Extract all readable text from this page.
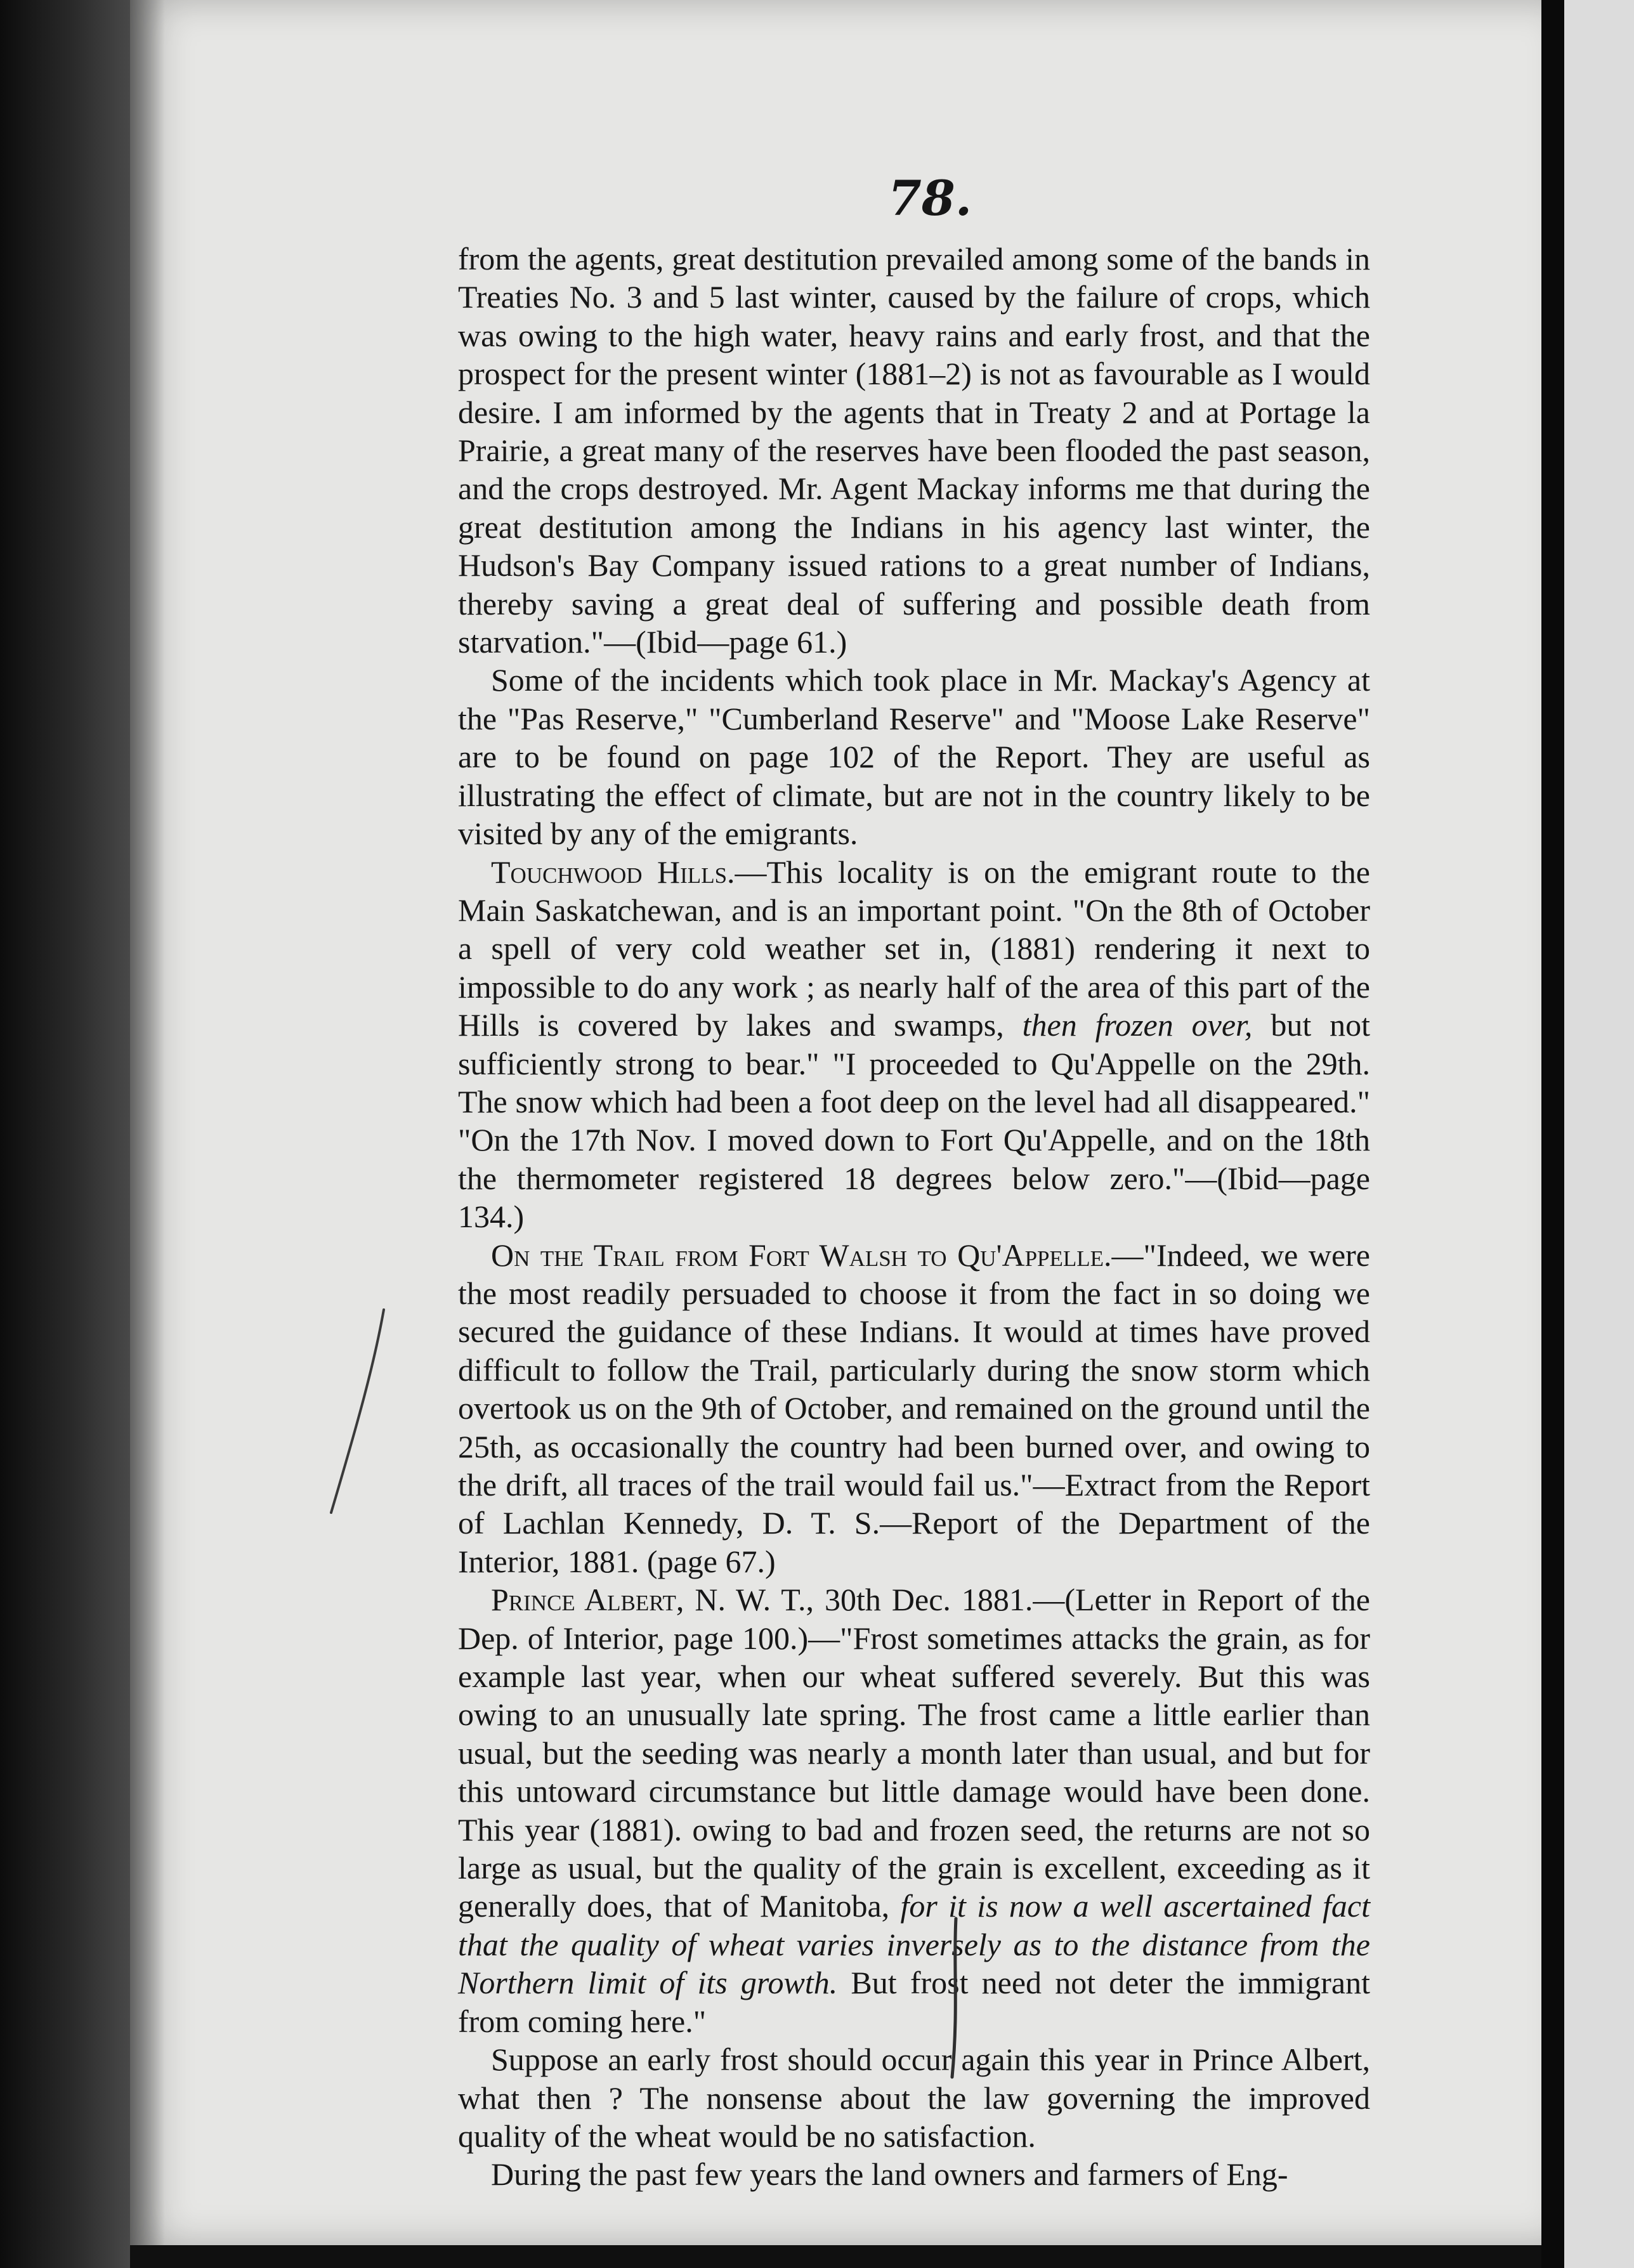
78.

from the agents, great destitution prevailed among some of the bands in Treaties No. 3 and 5 last winter, caused by the failure of crops, which was owing to the high water, heavy rains and early frost, and that the prospect for the present winter (1881–2) is not as favourable as I would desire. I am informed by the agents that in Treaty 2 and at Portage la Prairie, a great many of the reserves have been flooded the past season, and the crops destroyed. Mr. Agent Mackay informs me that during the great destitution among the Indians in his agency last winter, the Hudson's Bay Company issued rations to a great number of Indians, thereby saving a great deal of suffering and possible death from starvation."—(Ibid—page 61.)

Some of the incidents which took place in Mr. Mackay's Agency at the "Pas Reserve," "Cumberland Reserve" and "Moose Lake Reserve" are to be found on page 102 of the Report. They are useful as illustrating the effect of climate, but are not in the country likely to be visited by any of the emigrants.

Touchwood Hills.—This locality is on the emigrant route to the Main Saskatchewan, and is an important point. "On the 8th of October a spell of very cold weather set in, (1881) rendering it next to impossible to do any work ; as nearly half of the area of this part of the Hills is covered by lakes and swamps, then frozen over, but not sufficiently strong to bear." "I proceeded to Qu'Appelle on the 29th. The snow which had been a foot deep on the level had all disappeared." "On the 17th Nov. I moved down to Fort Qu'Appelle, and on the 18th the thermometer registered 18 degrees below zero."—(Ibid—page 134.)

On the Trail from Fort Walsh to Qu'Appelle.—"Indeed, we were the most readily persuaded to choose it from the fact in so doing we secured the guidance of these Indians. It would at times have proved difficult to follow the Trail, particularly during the snow storm which overtook us on the 9th of October, and remained on the ground until the 25th, as occasionally the country had been burned over, and owing to the drift, all traces of the trail would fail us."—Extract from the Report of Lachlan Kennedy, D. T. S.—Report of the Department of the Interior, 1881. (page 67.)

Prince Albert, N. W. T., 30th Dec. 1881.—(Letter in Report of the Dep. of Interior, page 100.)—"Frost sometimes attacks the grain, as for example last year, when our wheat suffered severely. But this was owing to an unusually late spring. The frost came a little earlier than usual, but the seeding was nearly a month later than usual, and but for this untoward circumstance but little damage would have been done. This year (1881). owing to bad and frozen seed, the returns are not so large as usual, but the quality of the grain is excellent, exceeding as it generally does, that of Manitoba, for it is now a well ascertained fact that the quality of wheat varies inversely as to the distance from the Northern limit of its growth. But frost need not deter the immigrant from coming here."

Suppose an early frost should occur again this year in Prince Albert, what then ? The nonsense about the law governing the improved quality of the wheat would be no satisfaction.

During the past few years the land owners and farmers of Eng-
